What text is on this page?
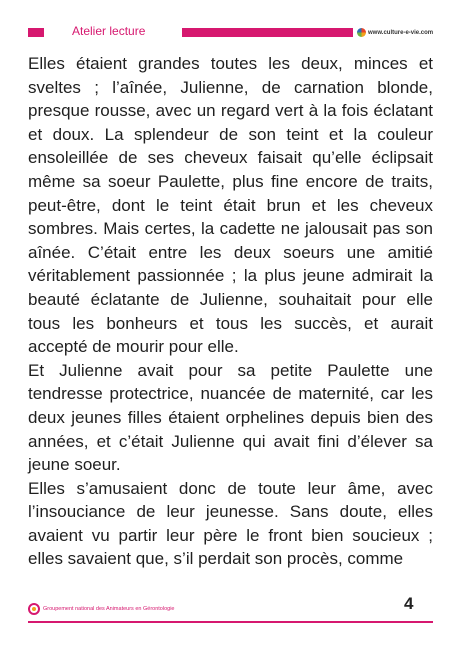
Atelier lecture	www.culture-e-vie.com

Elles étaient grandes toutes les deux, minces et sveltes ; l’aînée, Julienne, de carnation blonde, presque rousse, avec un regard vert à la fois éclatant et doux. La splendeur de son teint et la couleur ensoleillée de ses cheveux faisait qu’elle éclipsait même sa soeur Paulette, plus fine encore de traits, peut-être, dont le teint était brun et les cheveux sombres. Mais certes, la cadette ne jalousait pas son aînée. C’était entre les deux soeurs une amitié véritablement passionnée ; la plus jeune admirait la beauté éclatante de Julienne, souhaitait pour elle tous les bonheurs et tous les succès, et aurait accepté de mourir pour elle.

Et Julienne avait pour sa petite Paulette une tendresse protectrice, nuancée de maternité, car les deux jeunes filles étaient orphelines depuis bien des années, et c’était Julienne qui avait fini d’élever sa jeune soeur.

Elles s’amusaient donc de toute leur âme, avec l’insouciance de leur jeunesse. Sans doute, elles avaient vu partir leur père le front bien soucieux ; elles savaient que, s’il perdait son procès, comme

Groupement national des Animateurs en Gérontologie	4
